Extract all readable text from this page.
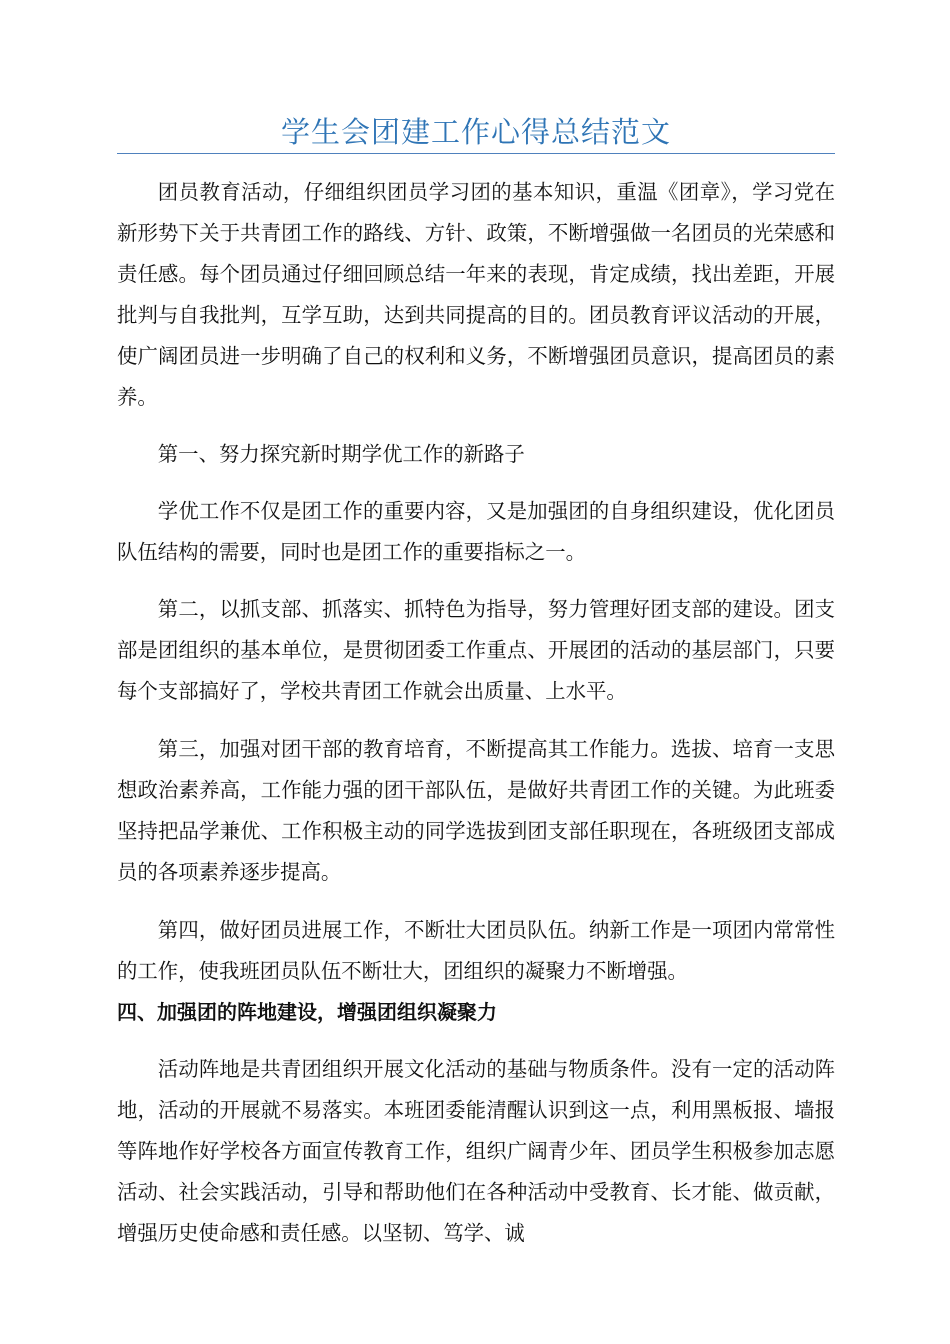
学生会团建工作心得总结范文

团员教育活动，仔细组织团员学习团的基本知识，重温《团章》，学习党在新形势下关于共青团工作的路线、方针、政策，不断增强做一名团员的光荣感和责任感。每个团员通过仔细回顾总结一年来的表现，肯定成绩，找出差距，开展批判与自我批判，互学互助，达到共同提高的目的。团员教育评议活动的开展，使广阔团员进一步明确了自己的权利和义务，不断增强团员意识，提高团员的素养。

第一、努力探究新时期学优工作的新路子

学优工作不仅是团工作的重要内容，又是加强团的自身组织建设，优化团员队伍结构的需要，同时也是团工作的重要指标之一。

第二，以抓支部、抓落实、抓特色为指导，努力管理好团支部的建设。团支部是团组织的基本单位，是贯彻团委工作重点、开展团的活动的基层部门，只要每个支部搞好了，学校共青团工作就会出质量、上水平。

第三，加强对团干部的教育培育，不断提高其工作能力。选拔、培育一支思想政治素养高，工作能力强的团干部队伍，是做好共青团工作的关键。为此班委坚持把品学兼优、工作积极主动的同学选拔到团支部任职现在，各班级团支部成员的各项素养逐步提高。

第四，做好团员进展工作，不断壮大团员队伍。纳新工作是一项团内常常性的工作，使我班团员队伍不断壮大，团组织的凝聚力不断增强。

四、加强团的阵地建设，增强团组织凝聚力

活动阵地是共青团组织开展文化活动的基础与物质条件。没有一定的活动阵地，活动的开展就不易落实。本班团委能清醒认识到这一点，利用黑板报、墙报等阵地作好学校各方面宣传教育工作，组织广阔青少年、团员学生积极参加志愿活动、社会实践活动，引导和帮助他们在各种活动中受教育、长才能、做贡献，增强历史使命感和责任感。以坚韧、笃学、诚
